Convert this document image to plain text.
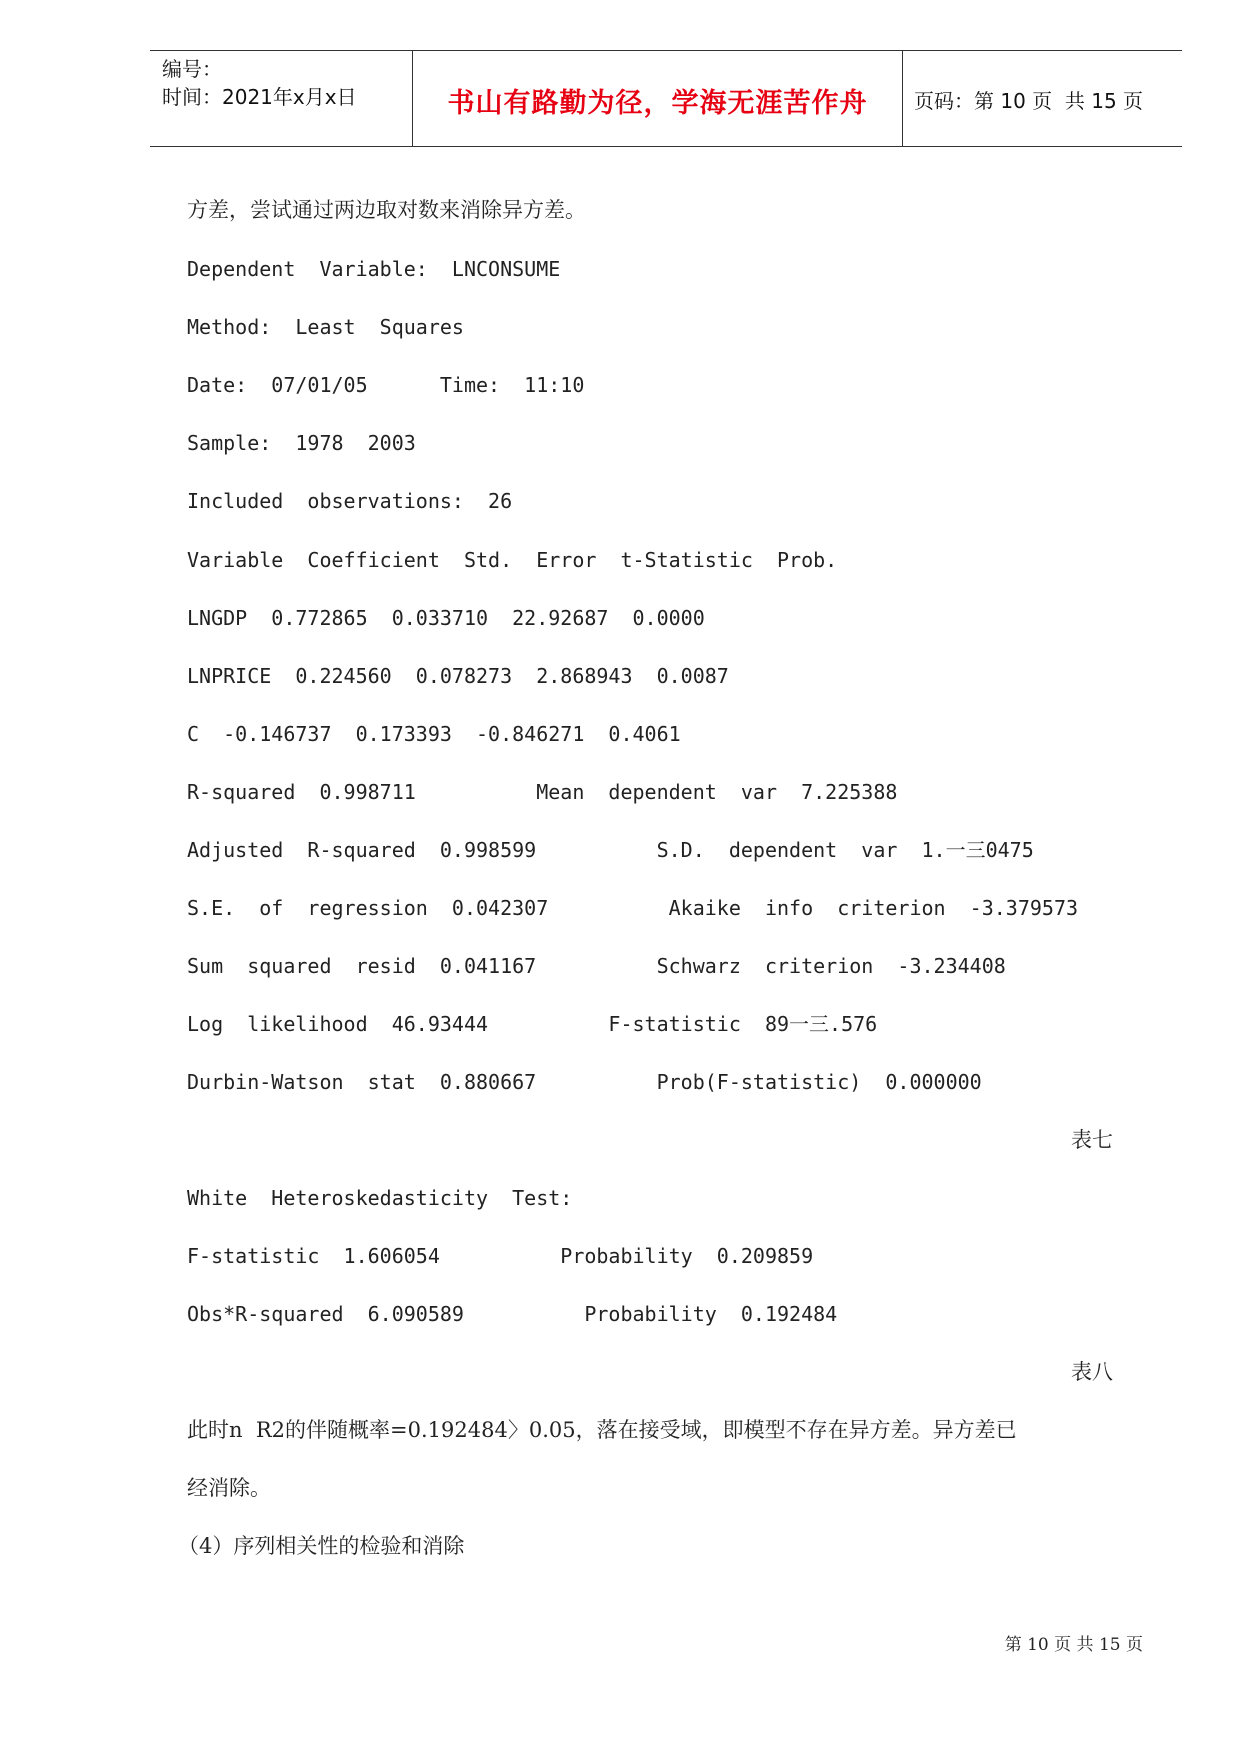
编号：
时间：2021年x月x日	书山有路勤为径，学海无涯苦作舟	页码：第 10 页  共 15 页
方差，尝试通过两边取对数来消除异方差。
Dependent  Variable:  LNCONSUME
Method:  Least  Squares
Date:  07/01/05      Time:  11:10
Sample:  1978  2003
Included  observations:  26
Variable  Coefficient  Std.  Error  t-Statistic  Prob.
LNGDP  0.772865  0.033710  22.92687  0.0000
LNPRICE  0.224560  0.078273  2.868943  0.0087
C  -0.146737  0.173393  -0.846271  0.4061
R-squared  0.998711          Mean  dependent  var  7.225388
Adjusted  R-squared  0.998599          S.D.  dependent  var  1.一三0475
S.E.  of  regression  0.042307          Akaike  info  criterion  -3.379573
Sum  squared  resid  0.041167          Schwarz  criterion  -3.234408
Log  likelihood  46.93444          F-statistic  89一三.576
Durbin-Watson  stat  0.880667          Prob(F-statistic)  0.000000
表七
White  Heteroskedasticity  Test:
F-statistic  1.606054          Probability  0.209859
Obs*R-squared  6.090589          Probability  0.192484
表八
此时n  R2的伴随概率=0.192484〉0.05，落在接受域，即模型不存在异方差。异方差已
经消除。
（4）序列相关性的检验和消除
第 10 页 共 15 页
